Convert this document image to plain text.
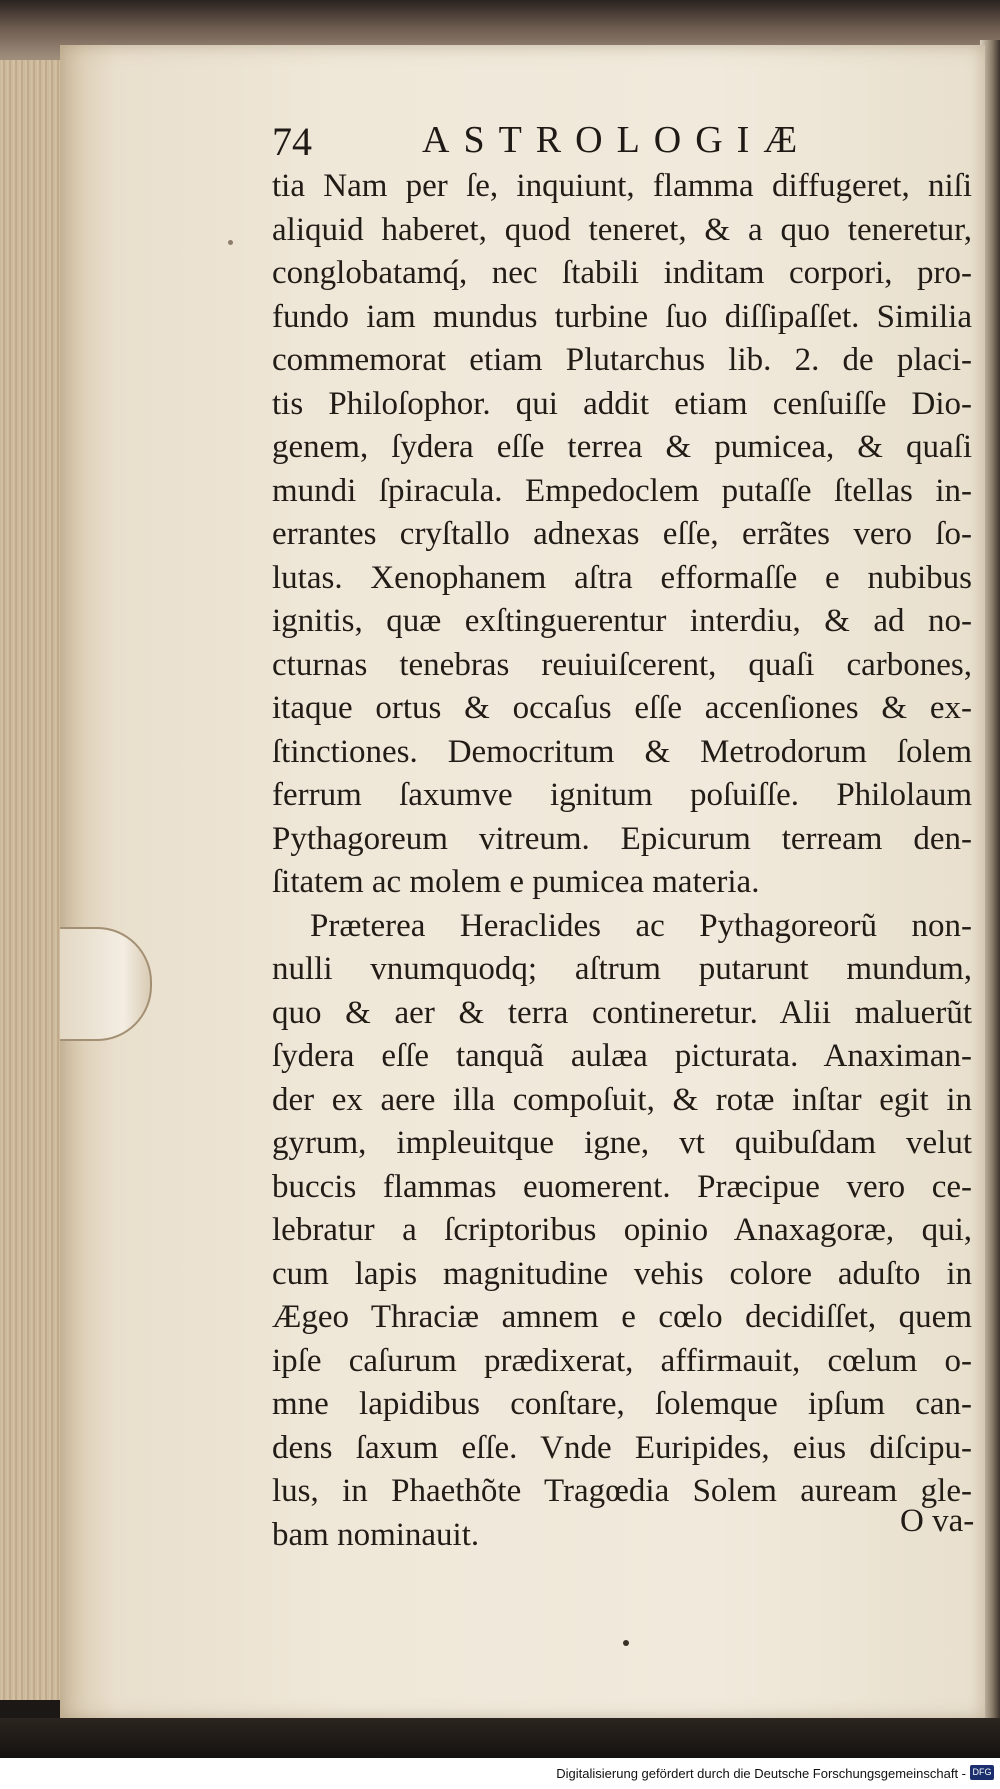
74	ASTROLOGIÆ
tia Nam per ſe, inquiunt, flamma diffugeret, niſi
aliquid haberet, quod teneret, & a quo teneretur,
conglobatamq́, nec ſtabili inditam corpori, pro-
fundo iam mundus turbine ſuo diſſipaſſet. Similia
commemorat etiam Plutarchus lib. 2. de placi-
tis Philoſophor. qui addit etiam cenſuiſſe Dio-
genem, ſydera eſſe terrea & pumicea, & quaſi
mundi ſpiracula. Empedoclem putaſſe ſtellas in-
errantes cryſtallo adnexas eſſe, errãtes vero ſo-
lutas. Xenophanem aſtra efformaſſe e nubibus
ignitis, quæ exſtinguerentur interdiu, & ad no-
cturnas tenebras reuiuiſcerent, quaſi carbones,
itaque ortus & occaſus eſſe accenſiones & ex-
ſtinctiones. Democritum & Metrodorum ſolem
ferrum ſaxumve ignitum poſuiſſe. Philolaum
Pythagoreum vitreum. Epicurum terream den-
ſitatem ac molem e pumicea materia.
Præterea Heraclides ac Pythagoreorũ non-
nulli vnumquodq; aſtrum putarunt mundum,
quo & aer & terra contineretur. Alii maluerũt
ſydera eſſe tanquã aulæa picturata. Anaximan-
der ex aere illa compoſuit, & rotæ inſtar egit in
gyrum, impleuitque igne, vt quibuſdam velut
buccis flammas euomerent. Præcipue vero ce-
lebratur a ſcriptoribus opinio Anaxagoræ, qui,
cum lapis magnitudine vehis colore aduſto in
Ægeo Thraciæ amnem e cœlo decidiſſet, quem
ipſe caſurum prædixerat, affirmauit, cœlum o-
mne lapidibus conſtare, ſolemque ipſum can-
dens ſaxum eſſe. Vnde Euripides, eius diſcipu-
lus, in Phaethõte Tragœdia Solem auream gle-
bam nominauit.	O va-
Digitalisierung gefördert durch die Deutsche Forschungsgemeinschaft - DFG
